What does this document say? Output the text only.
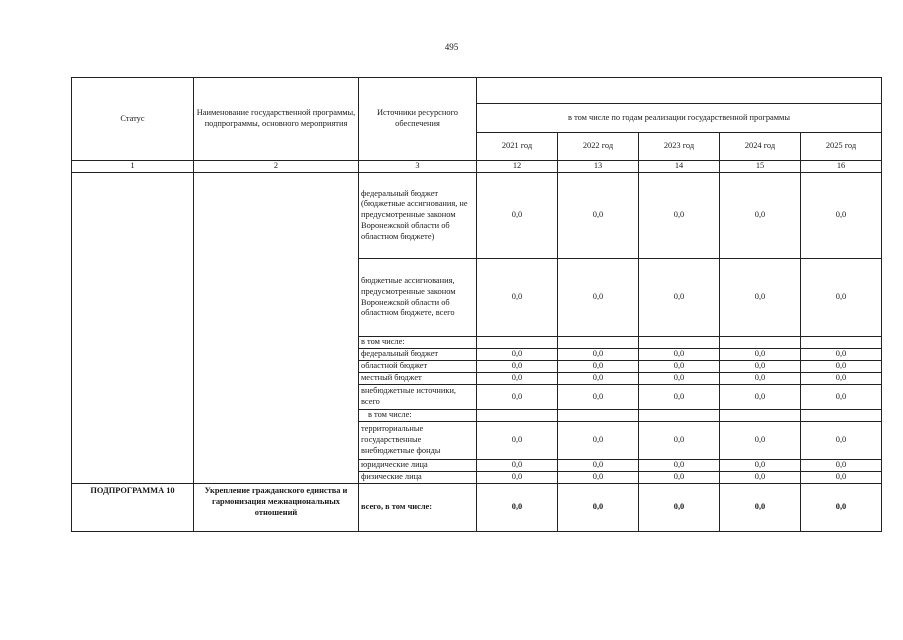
495
Статус	Наименование государственной программы, подпрограммы, основного мероприятия	Источники ресурсного обеспечения					
			в том числе по годам реализации государственной программы				
			2021 год	2022 год	2023 год	2024 год	2025 год
1	2	3	12	13	14	15	16
		федеральный бюджет (бюджетные ассигнования, не предусмотренные законом Воронежской области об областном бюджете)	0,0	0,0	0,0	0,0	0,0
		бюджетные ассигнования, предусмотренные законом Воронежской области об областном бюджете, всего	0,0	0,0	0,0	0,0	0,0
		в том числе:					
		федеральный бюджет	0,0	0,0	0,0	0,0	0,0
		областной бюджет	0,0	0,0	0,0	0,0	0,0
		местный бюджет	0,0	0,0	0,0	0,0	0,0
		внебюджетные источники, всего	0,0	0,0	0,0	0,0	0,0
		в том числе:					
		территориальные государственные внебюджетные фонды	0,0	0,0	0,0	0,0	0,0
		юридические лица	0,0	0,0	0,0	0,0	0,0
		физические лица	0,0	0,0	0,0	0,0	0,0
ПОДПРОГРАММА 10	Укрепление гражданского единства и гармонизация межнациональных отношений	всего, в том числе:	0,0	0,0	0,0	0,0	0,0
